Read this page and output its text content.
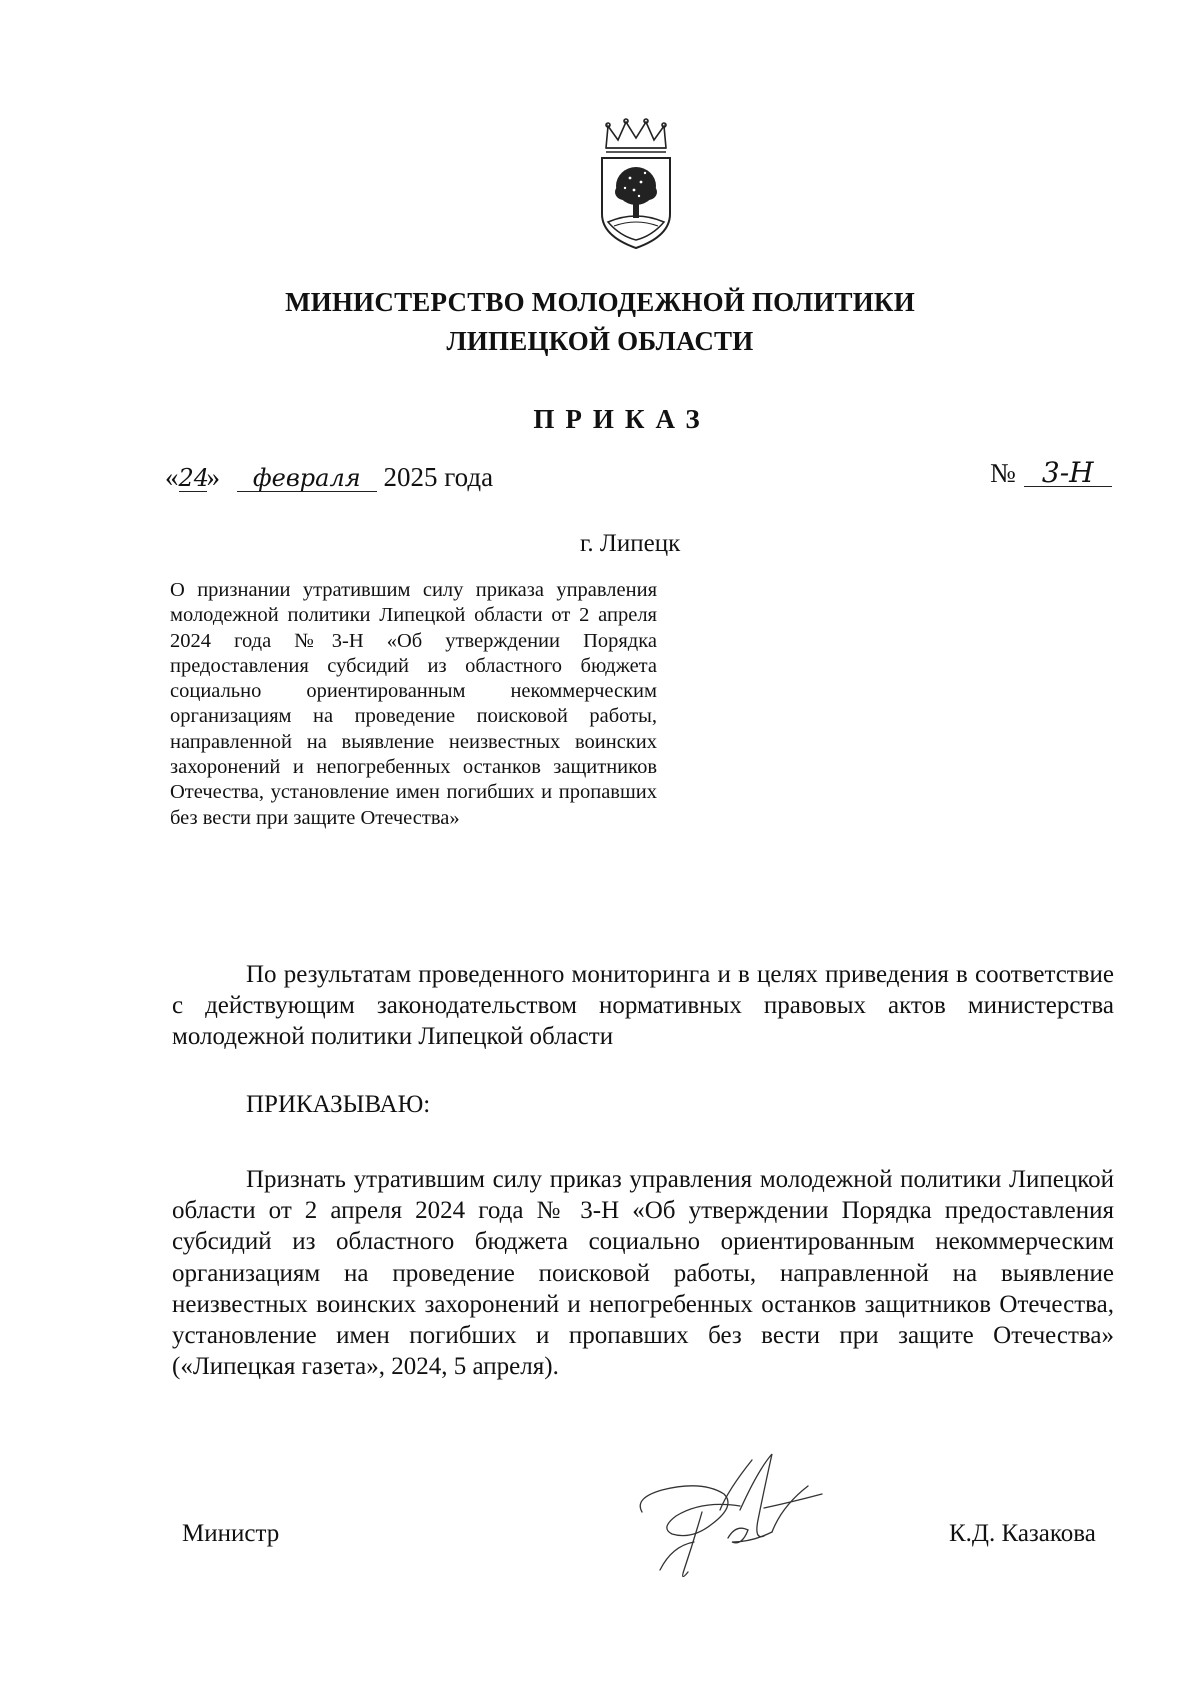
МИНИСТЕРСТВО МОЛОДЕЖНОЙ ПОЛИТИКИ
ЛИПЕЦКОЙ ОБЛАСТИ
ПРИКАЗ
«24» февраля 2025 года	№ 3-Н
г. Липецк
О признании утратившим силу приказа управления молодежной политики Липецкой области от 2 апреля 2024 года №3-Н «Об утверждении Порядка предоставления субсидий из областного бюджета социально ориентированным некоммерческим организациям на проведение поисковой работы, направленной на выявление неизвестных воинских захоронений и непогребенных останков защитников Отечества, установление имен погибших и пропавших без вести при защите Отечества»
По результатам проведенного мониторинга и в целях приведения в соответствие с действующим законодательством нормативных правовых актов министерства молодежной политики Липецкой области
ПРИКАЗЫВАЮ:
Признать утратившим силу приказ управления молодежной политики Липецкой области от 2 апреля 2024 года № 3-Н «Об утверждении Порядка предоставления субсидий из областного бюджета социально ориентированным некоммерческим организациям на проведение поисковой работы, направленной на выявление неизвестных воинских захоронений и непогребенных останков защитников Отечества, установление имен погибших и пропавших без вести при защите Отечества» («Липецкая газета», 2024, 5 апреля).
Министр	К.Д. Казакова
